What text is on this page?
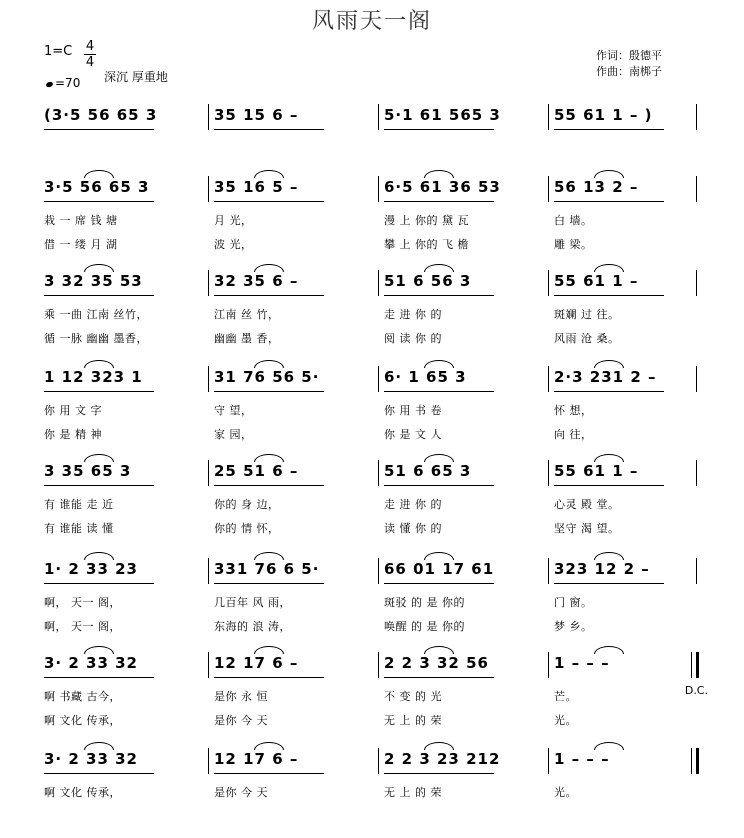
风雨天一阁
1=C 4
4
=70 深沉 厚重地
作词：殷德平
作曲：南梆子
(3·5 56 65 3	35 15 6 –	5·1 61 565 3	55 61 1 – )
3·5 56 65 3
栽 一 席 钱 塘
借 一 缕 月 湖
35 16 5 –
月 光，
波 光，
6·5 61 36 53
漫 上 你的 黛 瓦
攀 上 你的 飞 檐
56 13 2 –
白 墙。
雕 梁。
3 32 35 53
乘 一曲 江南 丝竹，
循 一脉 幽幽 墨香，
32 35 6 –
江南 丝 竹，
幽幽 墨 香，
51 6 56 3
走 进 你 的
阅 读 你 的
55 61 1 –
斑斓 过 往。
风雨 沧 桑。
1 12 323 1
你 用 文 字
你 是 精 神
31 76 56 5·
守 望，
家 园，
6· 1 65 3
你 用 书 卷
你 是 文 人
2·3 231 2 –
怀 想，
向 往，
3 35 65 3
有 谁能 走 近
有 谁能 读 懂
25 51 6 –
你的 身 边，
你的 情 怀，
51 6 65 3
走 进 你 的
读 懂 你 的
55 61 1 –
心灵 殿 堂。
坚守 渴 望。
1· 2 33 23
啊， 天一 阁，
啊， 天一 阁，
331 76 6 5·
几百年 风 雨，
东海的 浪 涛，
66 01 17 61
斑驳 的 是 你的
唤醒 的 是 你的
323 12 2 –
门 窗。
梦 乡。
3· 2 33 32
啊 书藏 古今，
啊 文化 传承，
12 17 6 –
是你 永 恒
是你 今 天
2 2 3 32 56
不 变 的 光
无 上 的 荣
1 – – –
芒。
光。
D.C.
3· 2 33 32
啊 文化 传承，
12 17 6 –
是你 今 天
2 2 3 23 212
无 上 的 荣
1 – – –
光。
